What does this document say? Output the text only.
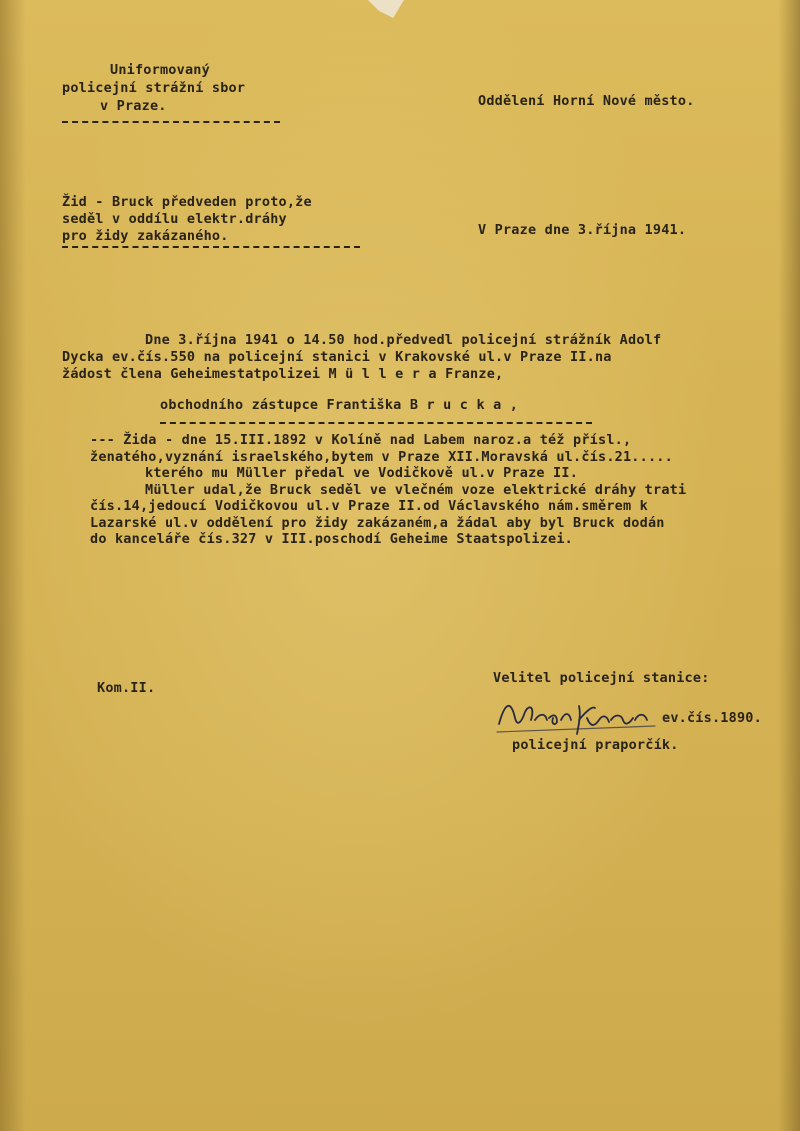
Uniformovaný

policejní strážní sbor

v Praze.	Oddělení Horní Nové město.

Žid - Bruck předveden proto,že

seděl v oddílu elektr.dráhy

pro židy zakázaného.	V Praze dne 3.října 1941.

Dne 3.října 1941 o 14.50 hod.předvedl policejní strážník Adolf

Dycka ev.čís.550 na policejní stanici v Krakovské ul.v Praze II.na

žádost člena Geheimestatpolizei M ü l l e r a Franze,

obchodního zástupce Františka B r u c k a ,

--- Žida - dne 15.III.1892 v Kolíně nad Labem naroz.a též přísl.,

ženatého,vyznání israelského,bytem v Praze XII.Moravská ul.čís.21.....

kterého mu Müller předal ve Vodičkově ul.v Praze II.

Müller udal,že Bruck seděl ve vlečném voze elektrické dráhy trati

čís.14,jedoucí Vodičkovou ul.v Praze II.od Václavského nám.směrem k

Lazarské ul.v oddělení pro židy zakázaném,a žádal aby byl Bruck dodán

do kanceláře čís.327 v III.poschodí Geheime Staatspolizei.

Kom.II.

Velitel policejní stanice:

ev.čís.1890.

policejní praporčík.
